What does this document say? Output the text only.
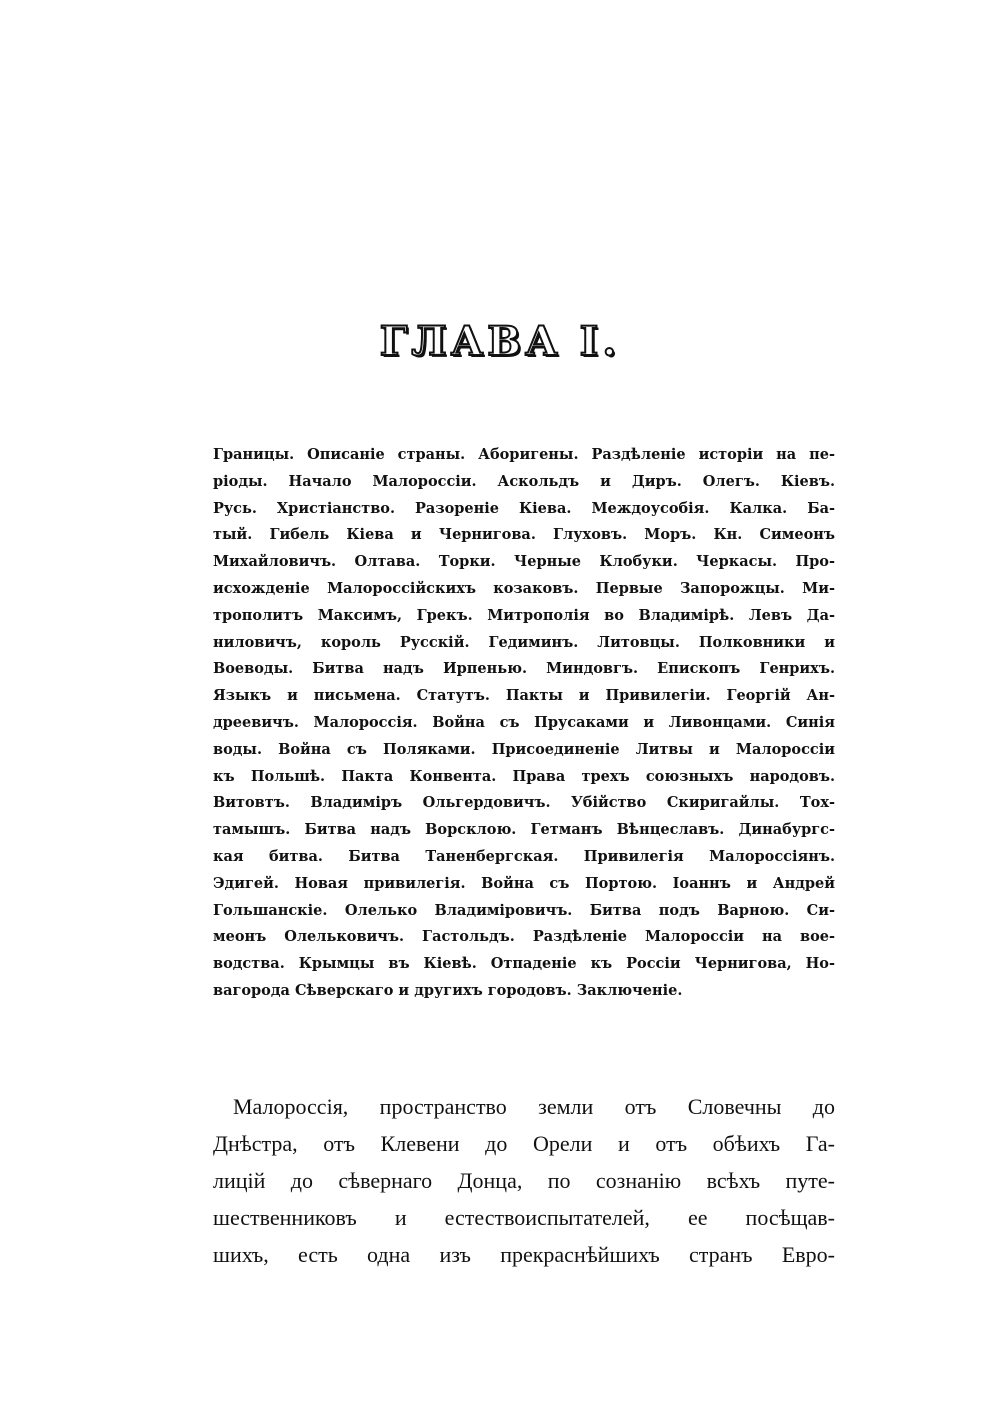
ГЛАВА I.
Границы. Описаніе страны. Аборигены. Раздѣленіе исторіи на пе-
ріоды. Начало Малороссіи. Аскольдъ и Диръ. Олегъ. Кіевъ.
Русь. Христіанство. Разореніе Кіева. Междоусобія. Калка. Ба-
тый. Гибель Кіева и Чернигова. Глуховъ. Моръ. Кн. Симеонъ
Михайловичъ. Олтава. Торки. Черные Клобуки. Черкасы. Про-
исхожденіе Малороссійскихъ козаковъ. Первые Запорожцы. Ми-
трополитъ Максимъ, Грекъ. Митрополія во Владимірѣ. Левъ Да-
ниловичъ, король Русскій. Гедиминъ. Литовцы. Полковники и
Воеводы. Битва надъ Ирпенью. Миндовгъ. Епископъ Генрихъ.
Языкъ и письмена. Статутъ. Пакты и Привилегіи. Георгій Ан-
дреевичъ. Малороссія. Война съ Прусаками и Ливонцами. Синія
воды. Война съ Поляками. Присоединеніе Литвы и Малороссіи
къ Польшѣ. Пакта Конвента. Права трехъ союзныхъ народовъ.
Витовтъ. Владиміръ Ольгердовичъ. Убійство Скиригайлы. Тох-
тамышъ. Битва надъ Ворсклою. Гетманъ Вѣнцеславъ. Динабургс-
кая битва. Битва Таненбергская. Привилегія Малороссіянъ.
Эдигей. Новая привилегія. Война съ Портою. Іоаннъ и Андрей
Гольшанскіе. Олелько Владиміровичъ. Битва подъ Варною. Си-
меонъ Олельковичъ. Гастольдъ. Раздѣленіе Малороссіи на вое-
водства. Крымцы въ Кіевѣ. Отпаденіе къ Россіи Чернигова, Но-
вагорода Сѣверскаго и другихъ городовъ. Заключеніе.
Малороссія, пространство земли отъ Словечны до
Днѣстра, отъ Клевени до Орели и отъ обѣихъ Га-
лицій до сѣвернаго Донца, по сознанію всѣхъ путе-
шественниковъ и естествоиспытателей, ее посѣщав-
шихъ, есть одна изъ прекраснѣйшихъ странъ Евро-
